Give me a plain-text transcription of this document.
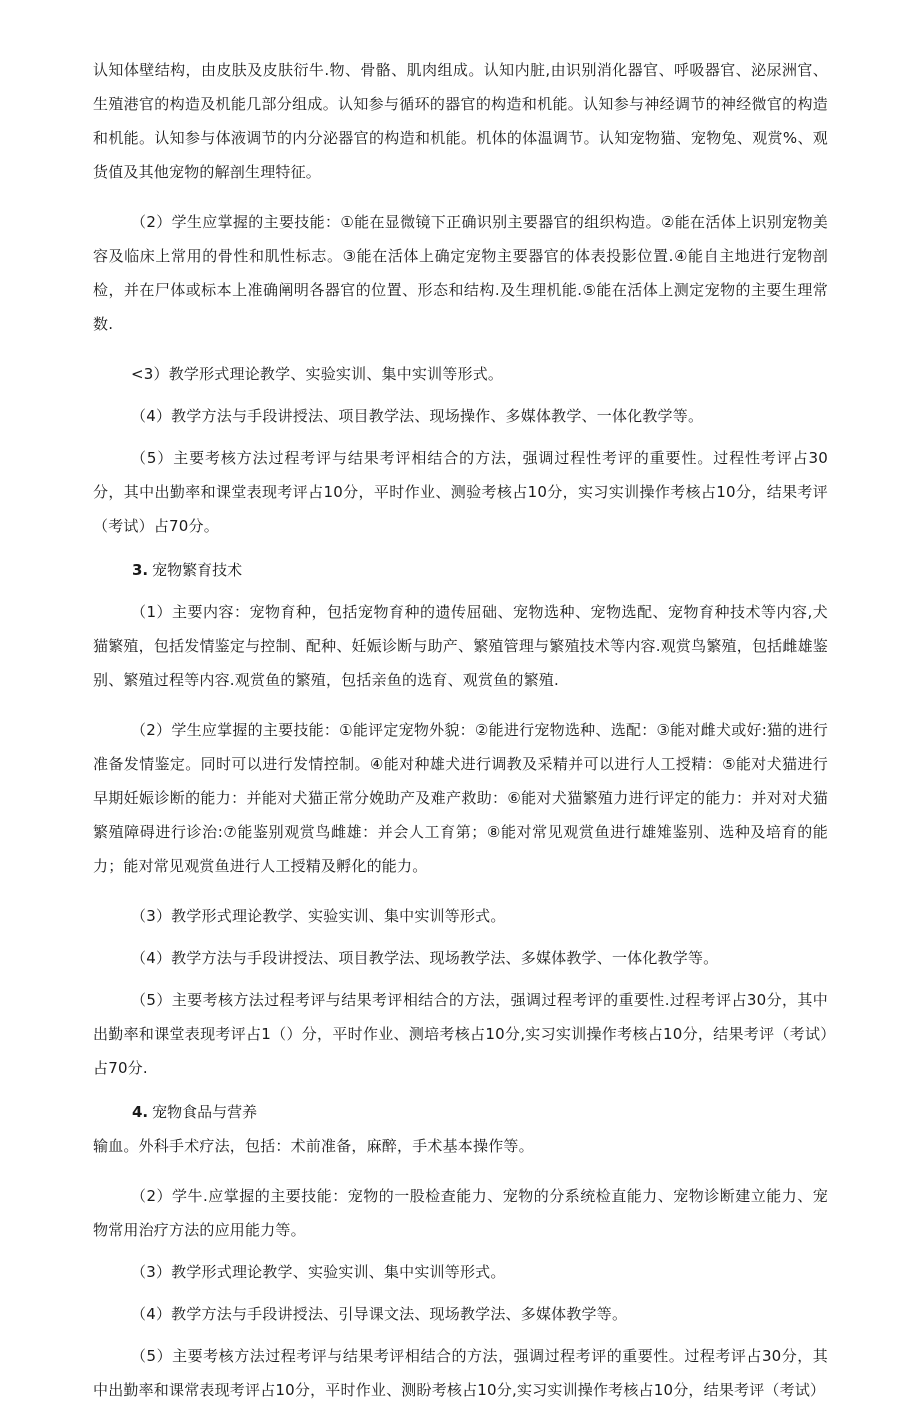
认知体壁结构，由皮肤及皮肤衍牛.物、骨骼、肌肉组成。认知内脏,由识别消化器官、呼吸器官、泌尿洲官、生殖港官的构造及机能几部分组成。认知参与循环的器官的构造和机能。认知参与神经调节的神经微官的构造和机能。认知参与体液调节的内分泌器官的构造和机能。机体的体温调节。认知宠物猫、宠物兔、观赏%、观货值及其他宠物的解剖生理特征。

（2）学生应掌握的主要技能：①能在显微镜下正确识别主要器官的组织构造。②能在活体上识别宠物美容及临床上常用的骨性和肌性标志。③能在活体上确定宠物主要器官的体表投影位置.④能自主地进行宠物剖检，并在尸体或标本上准确阐明各器官的位置、形态和结构.及生理机能.⑤能在活体上测定宠物的主要生理常数.

<3）教学形式理论教学、实验实训、集中实训等形式。

（4）教学方法与手段讲授法、项目教学法、现场操作、多媒体教学、一体化教学等。

（5）主要考核方法过程考评与结果考评相结合的方法，强调过程性考评的重要性。过程性考评占30分，其中出勤率和课堂表现考评占10分，平时作业、测验考核占10分，实习实训操作考核占10分，结果考评（考试）占70分。

3. 宠物繁育技术

（1）主要内容：宠物育种，包括宠物育种的遗传屈础、宠物选种、宠物选配、宠物育种技术等内容,犬猫繁殖，包括发情鉴定与控制、配种、妊娠诊断与助产、繁殖管理与繁殖技术等内容.观赏鸟繁殖，包括雌雄鉴别、繁殖过程等内容.观赏鱼的繁殖，包括亲鱼的选育、观赏鱼的繁殖.

（2）学生应掌握的主要技能：①能评定宠物外貌：②能进行宠物选种、选配：③能对雌犬或好:猫的进行准备发情鉴定。同时可以进行发情控制。④能对种雄犬进行调教及采精并可以进行人工授精：⑤能对犬猫进行早期妊娠诊断的能力：并能对犬猫正常分娩助产及难产救助：⑥能对犬猫繁殖力进行评定的能力：并对对犬猫繁殖障碍进行诊治:⑦能鉴别观赏鸟雌雄：并会人工育第；⑧能对常见观赏鱼进行雄雉鉴别、选种及培育的能力；能对常见观赏鱼进行人工授精及孵化的能力。

（3）教学形式理论教学、实验实训、集中实训等形式。

（4）教学方法与手段讲授法、项目教学法、现场教学法、多媒体教学、一体化教学等。

（5）主要考核方法过程考评与结果考评相结合的方法，强调过程考评的重要性.过程考评占30分，其中出勤率和课堂表现考评占1（）分，平时作业、测培考核占10分,实习实训操作考核占10分，结果考评（考试）占70分.

4. 宠物食品与营养

输血。外科手术疗法，包括：术前准备，麻醉，手术基本操作等。

（2）学牛.应掌握的主要技能：宠物的一股检查能力、宠物的分系统检直能力、宠物诊断建立能力、宠物常用治疗方法的应用能力等。

（3）教学形式理论教学、实验实训、集中实训等形式。

（4）教学方法与手段讲授法、引导课文法、现场教学法、多媒体教学等。

（5）主要考核方法过程考评与结果考评相结合的方法，强调过程考评的重要性。过程考评占30分，其中出勤率和课常表现考评占10分，平时作业、测盼考核占10分,实习实训操作考核占10分，结果考评（考试）
